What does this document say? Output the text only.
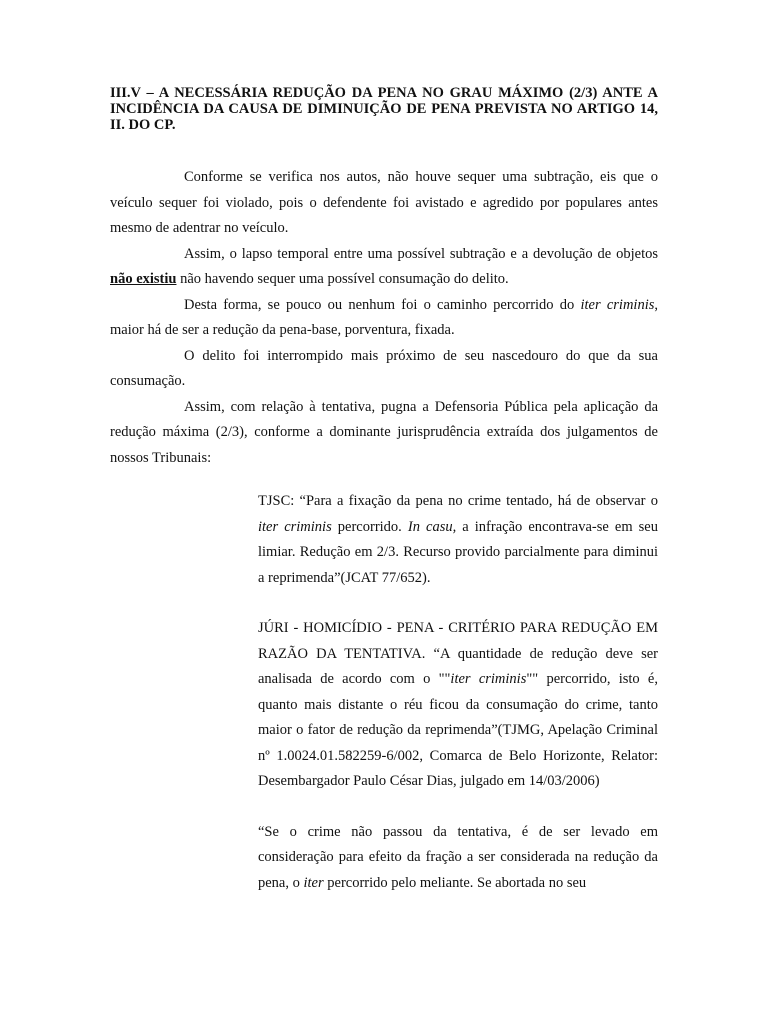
III.V – A NECESSÁRIA REDUÇÃO DA PENA NO GRAU MÁXIMO (2/3) ANTE A INCIDÊNCIA DA CAUSA DE DIMINUIÇÃO DE PENA PREVISTA NO ARTIGO 14, II. DO CP.

Conforme se verifica nos autos, não houve sequer uma subtração, eis que o veículo sequer foi violado, pois o defendente foi avistado e agredido por populares antes mesmo de adentrar no veículo.

Assim, o lapso temporal entre uma possível subtração e a devolução de objetos não existiu não havendo sequer uma possível consumação do delito.

Desta forma, se pouco ou nenhum foi o caminho percorrido do iter criminis, maior há de ser a redução da pena-base, porventura, fixada.

O delito foi interrompido mais próximo de seu nascedouro do que da sua consumação.

Assim, com relação à tentativa, pugna a Defensoria Pública pela aplicação da redução máxima (2/3), conforme a dominante jurisprudência extraída dos julgamentos de nossos Tribunais:

TJSC: “Para a fixação da pena no crime tentado, há de observar o iter criminis percorrido. In casu, a infração encontrava-se em seu limiar. Redução em 2/3. Recurso provido parcialmente para diminui a reprimenda”(JCAT 77/652).

JÚRI - HOMICÍDIO - PENA - CRITÉRIO PARA REDUÇÃO EM RAZÃO DA TENTATIVA. “A quantidade de redução deve ser analisada de acordo com o ""iter criminis"" percorrido, isto é, quanto mais distante o réu ficou da consumação do crime, tanto maior o fator de redução da reprimenda”(TJMG, Apelação Criminal nº 1.0024.01.582259-6/002, Comarca de Belo Horizonte, Relator: Desembargador Paulo César Dias, julgado em 14/03/2006)

“Se o crime não passou da tentativa, é de ser levado em consideração para efeito da fração a ser considerada na redução da pena, o iter percorrido pelo meliante. Se abortada no seu
